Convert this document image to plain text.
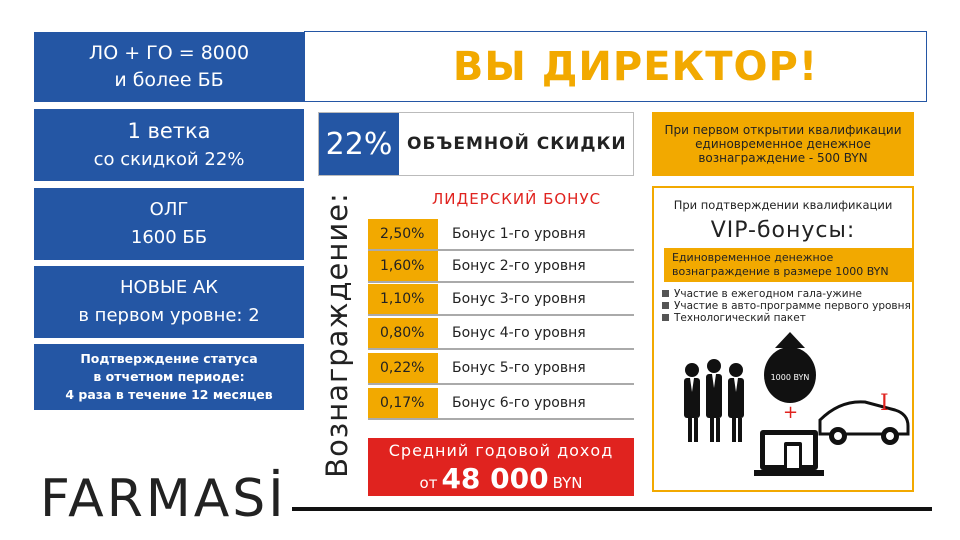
ЛО + ГО = 8000
и более ББ
1 ветка
со скидкой 22%
ОЛГ
1600 ББ
НОВЫЕ АК
в первом уровне: 2
Подтверждение статуса
в отчетном периоде:
4 раза в течение 12 месяцев
FARMASİ
Вознаграждение:
ВЫ ДИРЕКТОР!
22% ОБЪЕМНОЙ СКИДКИ
ЛИДЕРСКИЙ БОНУС
2,50%	Бонус 1-го уровня
1,60%	Бонус 2-го уровня
1,10%	Бонус 3-го уровня
0,80%	Бонус 4-го уровня
0,22%	Бонус 5-го уровня
0,17%	Бонус 6-го уровня
Средний годовой доход
от 48 000 BYN
При первом открытии квалификации
единовременное денежное
вознаграждение - 500 BYN
При подтверждении квалификации
VIP-бонусы:
Единовременное денежное
вознаграждение в размере 1000 BYN
Участие в ежегодном гала-ужине
Участие в авто-программе первого уровня
Технологический пакет
1000 BYN
+	I
